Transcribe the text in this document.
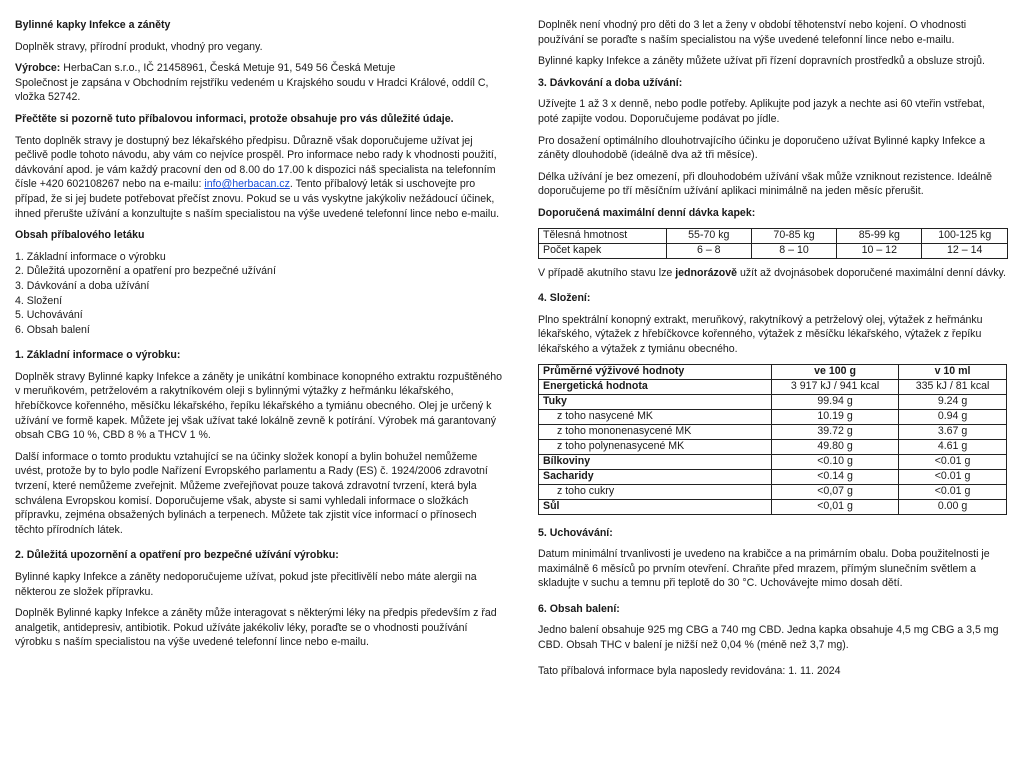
Bylinné kapky Infekce a záněty

Doplněk stravy, přírodní produkt, vhodný pro vegany.

Výrobce: HerbaCan s.r.o., IČ 21458961, Česká Metuje 91, 549 56 Česká Metuje
Společnost je zapsána v Obchodním rejstříku vedeném u Krajského soudu v Hradci Králové, oddíl C, vložka 52742.

Přečtěte si pozorně tuto příbalovou informaci, protože obsahuje pro vás důležité údaje.

Tento doplněk stravy je dostupný bez lékařského předpisu. Důrazně však doporučujeme užívat jej pečlivě podle tohoto návodu, aby vám co nejvíce prospěl. Pro informace nebo rady k vhodnosti použití, dávkování apod. je vám každý pracovní den od 8.00 do 17.00 k dispozici náš specialista na telefonním čísle +420 602108267 nebo na e-mailu: info@herbacan.cz. Tento příbalový leták si uschovejte pro případ, že si jej budete potřebovat přečíst znovu. Pokud se u vás vyskytne jakýkoliv nežádoucí účinek, ihned přerušte užívání a konzultujte s naším specialistou na výše uvedené telefonní lince nebo e-mailu.

Obsah příbalového letáku

1. Základní informace o výrobku
2. Důležitá upozornění a opatření pro bezpečné užívání
3. Dávkování a doba užívání
4. Složení
5. Uchovávání
6. Obsah balení
1. Základní informace o výrobku:

Doplněk stravy Bylinné kapky Infekce a záněty je unikátní kombinace konopného extraktu rozpuštěného v meruňkovém, petrželovém a rakytníkovém oleji s bylinnými výtažky z heřmánku lékařského, hřebíčkovce kořenného, měsíčku lékařského, řepíku lékařského a tymiánu obecného. Olej je určený k užívání ve formě kapek. Můžete jej však užívat také lokálně zevně k potírání. Výrobek má garantovaný obsah CBG 10 %, CBD 8 % a THCV 1 %.

Další informace o tomto produktu vztahující se na účinky složek konopí a bylin bohužel nemůžeme uvést, protože by to bylo podle Nařízení Evropského parlamentu a Rady (ES) č. 1924/2006 zdravotní tvrzení, které nemůžeme zveřejnit. Můžeme zveřejňovat pouze taková zdravotní tvrzení, která byla schválena Evropskou komisí. Doporučujeme však, abyste si sami vyhledali informace o složkách přípravku, zejména obsažených bylinách a terpenech. Můžete tak zjistit více informací o přínosech těchto přírodních látek.

2. Důležitá upozornění a opatření pro bezpečné užívání výrobku:

Bylinné kapky Infekce a záněty nedoporučujeme užívat, pokud jste přecitlivělí nebo máte alergii na některou ze složek přípravku.

Doplněk Bylinné kapky Infekce a záněty může interagovat s některými léky na předpis především z řad analgetik, antidepresiv, antibiotik. Pokud užíváte jakékoliv léky, poraďte se o vhodnosti používání výrobku s naším specialistou na výše uvedené telefonní lince nebo e-mailu.

Doplněk není vhodný pro děti do 3 let a ženy v období těhotenství nebo kojení. O vhodnosti používání se poraďte s naším specialistou na výše uvedené telefonní lince nebo e-mailu.

Bylinné kapky Infekce a záněty můžete užívat při řízení dopravních prostředků a obsluze strojů.

3. Dávkování a doba užívání:

Užívejte 1 až 3 x denně, nebo podle potřeby. Aplikujte pod jazyk a nechte asi 60 vteřin vstřebat, poté zapijte vodou. Doporučujeme podávat po jídle.

Pro dosažení optimálního dlouhotrvajícího účinku je doporučeno užívat Bylinné kapky Infekce a záněty dlouhodobě (ideálně dva až tři měsíce).

Délka užívání je bez omezení, při dlouhodobém užívání však může vzniknout rezistence. Ideálně doporučujeme po tří měsíčním užívání aplikaci minimálně na jeden měsíc přerušit.

Doporučená maximální denní dávka kapek:

Tělesná hmotnost	55-70 kg	70-85 kg	85-99 kg	100-125 kg
Počet kapek	6 – 8	8 – 10	10 – 12	12 – 14

V případě akutního stavu lze jednorázově užít až dvojnásobek doporučené maximální denní dávky.

4. Složení:

Plno spektrální konopný extrakt, meruňkový, rakytníkový a petrželový olej, výtažek z heřmánku lékařského, výtažek z hřebíčkovce kořenného, výtažek z měsíčku lékařského, výtažek z řepíku lékařského a výtažek z tymiánu obecného.

Průměrné výživové hodnoty	ve 100 g	v 10 ml
Energetická hodnota	3 917 kJ / 941 kcal	335 kJ / 81 kcal
Tuky	99.94 g	9.24 g
z toho nasycené MK	10.19 g	0.94 g
z toho mononenasycené MK	39.72 g	3.67 g
z toho polynenasycené MK	49.80 g	4.61 g
Bílkoviny	<0.10 g	<0.01 g
Sacharidy	<0.14 g	<0.01 g
z toho cukry	<0,07 g	<0.01 g
Sůl	<0,01 g	0.00 g
5. Uchovávání:

Datum minimální trvanlivosti je uvedeno na krabičce a na primárním obalu. Doba použitelnosti je maximálně 6 měsíců po prvním otevření. Chraňte před mrazem, přímým slunečním světlem a skladujte v suchu a temnu při teplotě do 30 °C. Uchovávejte mimo dosah dětí.

6. Obsah balení:

Jedno balení obsahuje 925 mg CBG a 740 mg CBD. Jedna kapka obsahuje 4,5 mg CBG a 3,5 mg CBD. Obsah THC v balení je nižší než 0,04 % (méně než 3,7 mg).

Tato příbalová informace byla naposledy revidována: 1. 11. 2024
